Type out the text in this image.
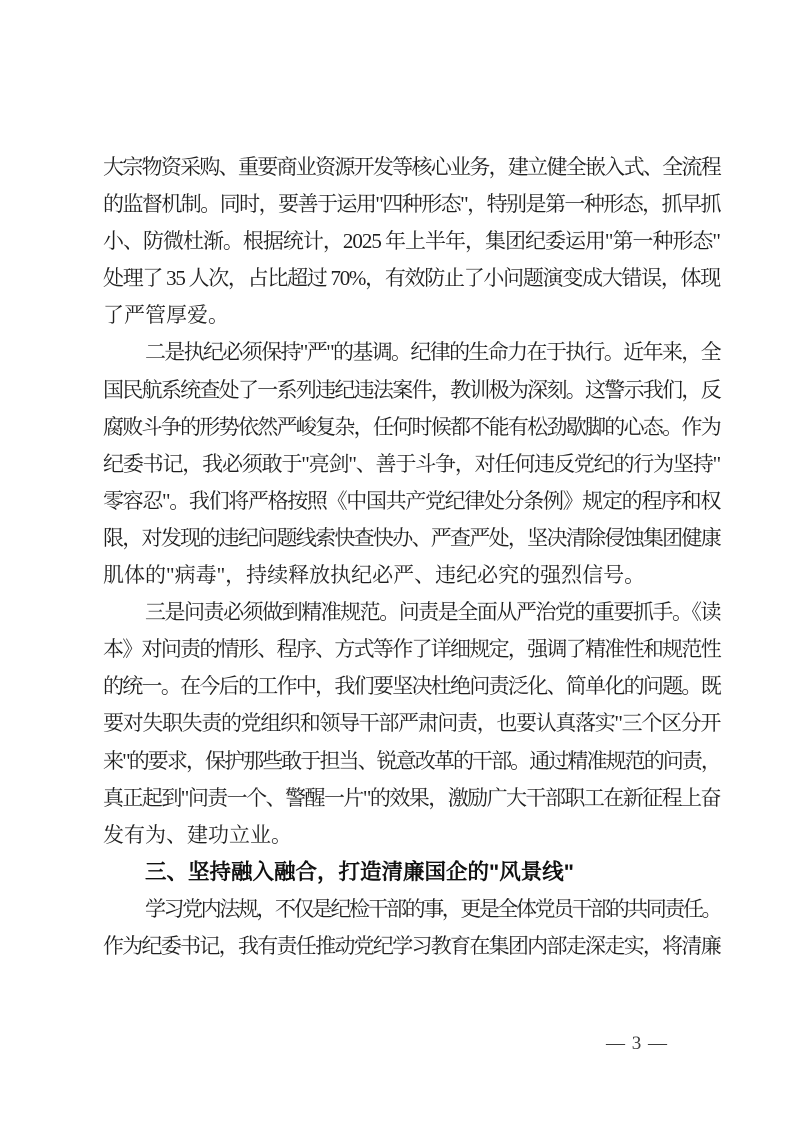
大宗物资采购、重要商业资源开发等核心业务，建立健全嵌入式、全流程
的监督机制。同时，要善于运用"四种形态"，特别是第一种形态，抓早抓
小、防微杜渐。根据统计，2025 年上半年，集团纪委运用"第一种形态"
处理了 35 人次，占比超过 70%，有效防止了小问题演变成大错误，体现
了严管厚爱。

二是执纪必须保持"严"的基调。纪律的生命力在于执行。近年来，全
国民航系统查处了一系列违纪违法案件，教训极为深刻。这警示我们，反
腐败斗争的形势依然严峻复杂，任何时候都不能有松劲歇脚的心态。作为
纪委书记，我必须敢于"亮剑"、善于斗争，对任何违反党纪的行为坚持"
零容忍"。我们将严格按照《中国共产党纪律处分条例》规定的程序和权
限，对发现的违纪问题线索快查快办、严查严处，坚决清除侵蚀集团健康
肌体的"病毒"，持续释放执纪必严、违纪必究的强烈信号。

三是问责必须做到精准规范。问责是全面从严治党的重要抓手。《读
本》对问责的情形、程序、方式等作了详细规定，强调了精准性和规范性
的统一。在今后的工作中，我们要坚决杜绝问责泛化、简单化的问题。既
要对失职失责的党组织和领导干部严肃问责，也要认真落实"三个区分开
来"的要求，保护那些敢于担当、锐意改革的干部。通过精准规范的问责，
真正起到"问责一个、警醒一片"的效果，激励广大干部职工在新征程上奋
发有为、建功立业。

三、坚持融入融合，打造清廉国企的"风景线"

学习党内法规，不仅是纪检干部的事，更是全体党员干部的共同责任。
作为纪委书记，我有责任推动党纪学习教育在集团内部走深走实，将清廉

— 3 —
